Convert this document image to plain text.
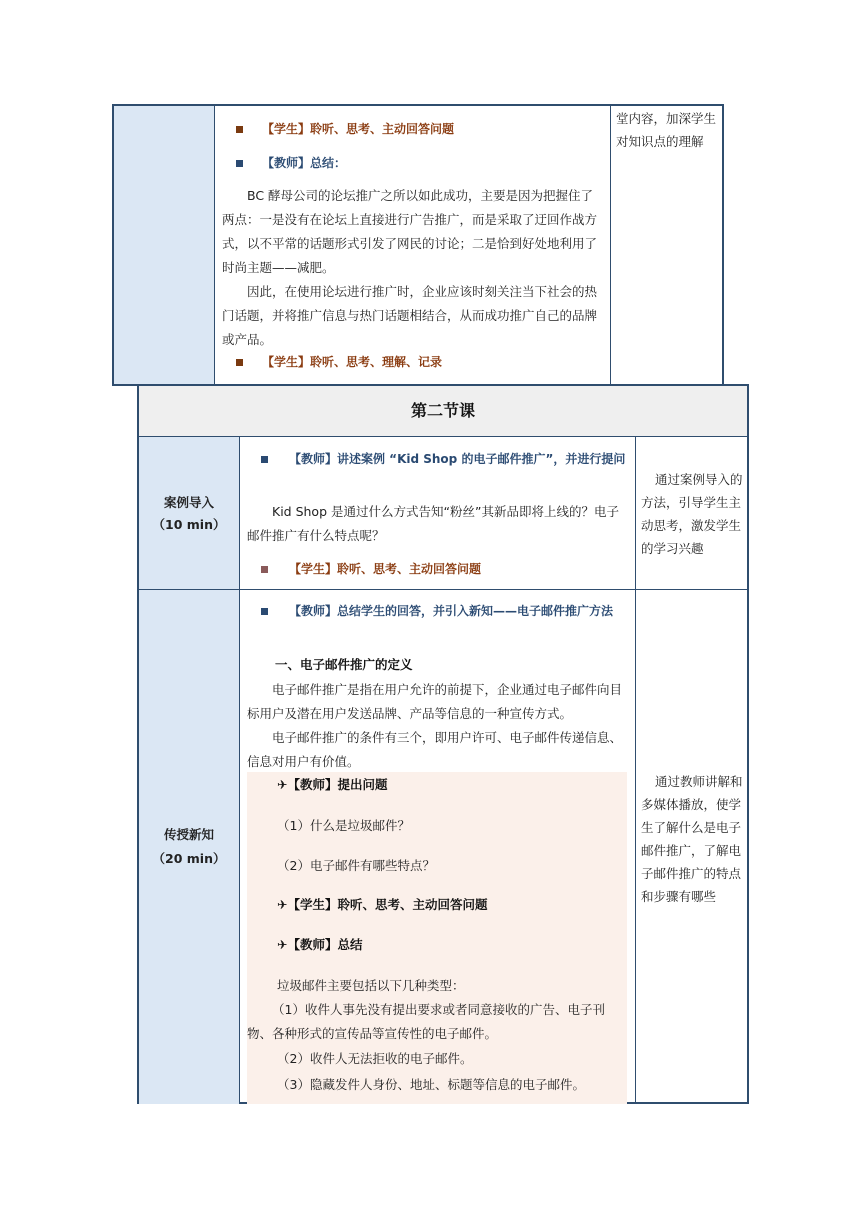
【学生】聆听、思考、主动回答问题
【教师】总结：
BC 酵母公司的论坛推广之所以如此成功，主要是因为把握住了两点：一是没有在论坛上直接进行广告推广，而是采取了迂回作战方式，以不平常的话题形式引发了网民的讨论；二是恰到好处地利用了时尚主题——减肥。
因此，在使用论坛进行推广时，企业应该时刻关注当下社会的热门话题，并将推广信息与热门话题相结合，从而成功推广自己的品牌或产品。
【学生】聆听、思考、理解、记录
堂内容，加深学生对知识点的理解
第二节课
案例导入
（10 min）
【教师】讲述案例 “Kid Shop 的电子邮件推广”，并进行提问
Kid Shop 是通过什么方式告知“粉丝”其新品即将上线的？电子邮件推广有什么特点呢？
【学生】聆听、思考、主动回答问题
通过案例导入的方法，引导学生主动思考，激发学生的学习兴趣
传授新知
（20 min）
【教师】总结学生的回答，并引入新知——电子邮件推广方法
一、电子邮件推广的定义
电子邮件推广是指在用户允许的前提下，企业通过电子邮件向目标用户及潜在用户发送品牌、产品等信息的一种宣传方式。
电子邮件推广的条件有三个，即用户许可、电子邮件传递信息、信息对用户有价值。
✈【教师】提出问题
（1）什么是垃圾邮件？
（2）电子邮件有哪些特点？
✈【学生】聆听、思考、主动回答问题
✈【教师】总结
垃圾邮件主要包括以下几种类型：
（1）收件人事先没有提出要求或者同意接收的广告、电子刊物、各种形式的宣传品等宣传性的电子邮件。
（2）收件人无法拒收的电子邮件。
（3）隐藏发件人身份、地址、标题等信息的电子邮件。
通过教师讲解和多媒体播放，使学生了解什么是电子邮件推广，了解电子邮件推广的特点和步骤有哪些
